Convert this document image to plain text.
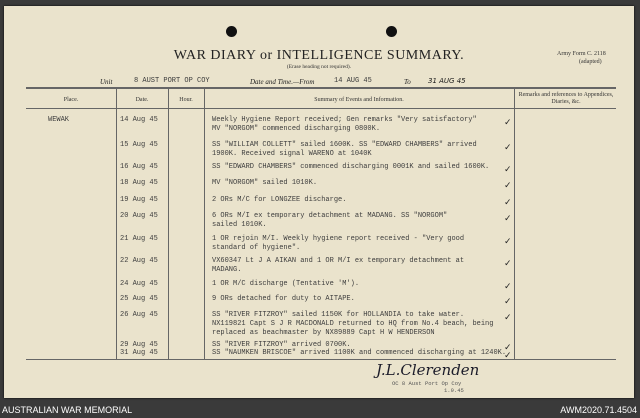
WAR DIARY or INTELLIGENCE SUMMARY.
(Erase heading not required).
Army Form C. 2118
(adapted)
Unit	8 AUST PORT OP COY	Date and Time.—From	14 AUG 45	To 31 AUG 45
Place.	Date.	Hour.	Summary of Events and Information.
Remarks and references to Appendices, Diaries, &c.
WEWAK	14 Aug 45	Weekly Hygiene Report received; Gen remarks "Very satisfactory"
MV "NORGOM" commenced discharging 0800K.
✓
15 Aug 45	SS "WILLIAM COLLETT" sailed 1600K. SS "EDWARD CHAMBERS" arrived
1900K. Received signal WARENO at 1040K
✓
16 Aug 45	SS "EDWARD CHAMBERS" commenced discharging 0001K and sailed 1600K. ✓
18 Aug 45	MV "NORGOM" sailed 1010K.	✓
19 Aug 45	2 ORs M/C for LONGZEE discharge.	✓
20 Aug 45	6 ORs M/I ex temporary detachment at MADANG. SS "NORGOM"
sailed 1010K.
✓
21 Aug 45	1 OR rejoin M/I. Weekly hygiene report received - "Very good
standard of hygiene".
✓
22 Aug 45	VX60347 Lt J A AIKAN and 1 OR M/I ex temporary detachment at
MADANG.
✓
24 Aug 45	1 OR M/C discharge (Tentative 'M').	✓
25 Aug 45	9 ORs detached for duty to AITAPE.	✓
26 Aug 45	SS "RIVER FITZROY" sailed 1150K for HOLLANDIA to take water.
NX119821 Capt S J R MACDONALD returned to HQ from No.4 beach, being
replaced as beachmaster by NX89889 Capt H W HENDERSON
✓
29 Aug 45	SS "RIVER FITZROY" arrived 0700K.	✓
31 Aug 45	SS "NAUMKEN BRISCOE" arrived 1100K and commenced discharging at 1240K.
✓
J.L.Clerenden
OC 8 Aust Port Op Coy
1.9.45
AUSTRALIAN WAR MEMORIAL	AWM2020.71.4504
